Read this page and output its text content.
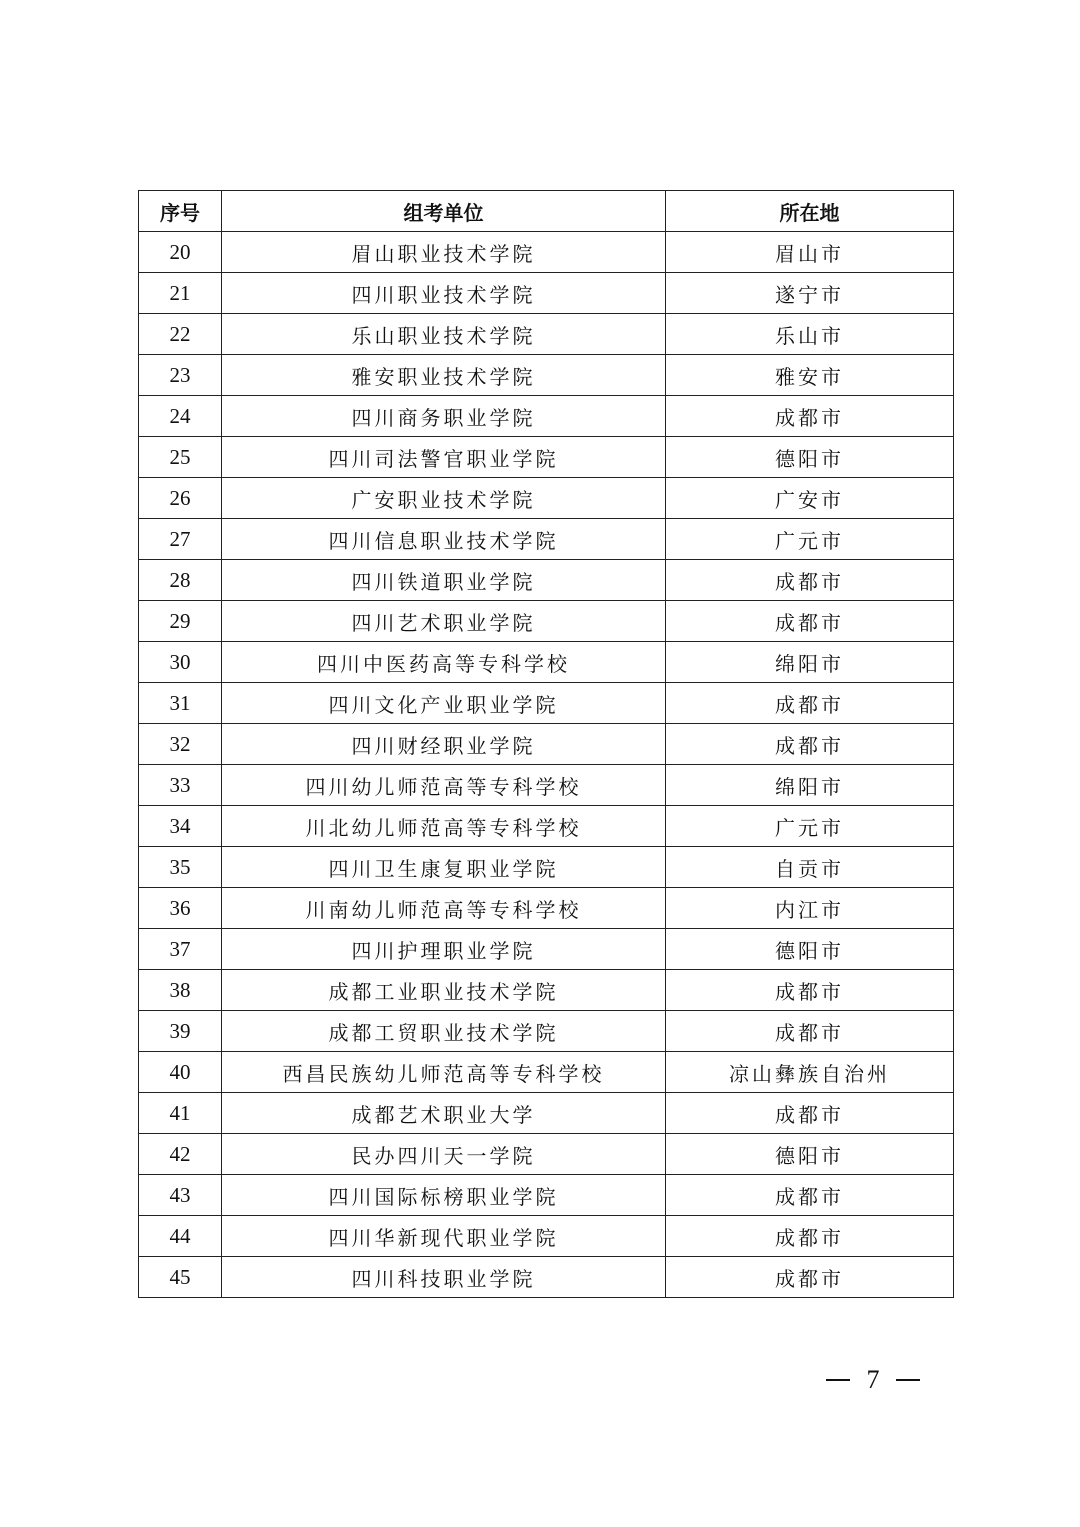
序号	组考单位	所在地
20	眉山职业技术学院	眉山市
21	四川职业技术学院	遂宁市
22	乐山职业技术学院	乐山市
23	雅安职业技术学院	雅安市
24	四川商务职业学院	成都市
25	四川司法警官职业学院	德阳市
26	广安职业技术学院	广安市
27	四川信息职业技术学院	广元市
28	四川铁道职业学院	成都市
29	四川艺术职业学院	成都市
30	四川中医药高等专科学校	绵阳市
31	四川文化产业职业学院	成都市
32	四川财经职业学院	成都市
33	四川幼儿师范高等专科学校	绵阳市
34	川北幼儿师范高等专科学校	广元市
35	四川卫生康复职业学院	自贡市
36	川南幼儿师范高等专科学校	内江市
37	四川护理职业学院	德阳市
38	成都工业职业技术学院	成都市
39	成都工贸职业技术学院	成都市
40	西昌民族幼儿师范高等专科学校	凉山彝族自治州
41	成都艺术职业大学	成都市
42	民办四川天一学院	德阳市
43	四川国际标榜职业学院	成都市
44	四川华新现代职业学院	成都市
45	四川科技职业学院	成都市
7
